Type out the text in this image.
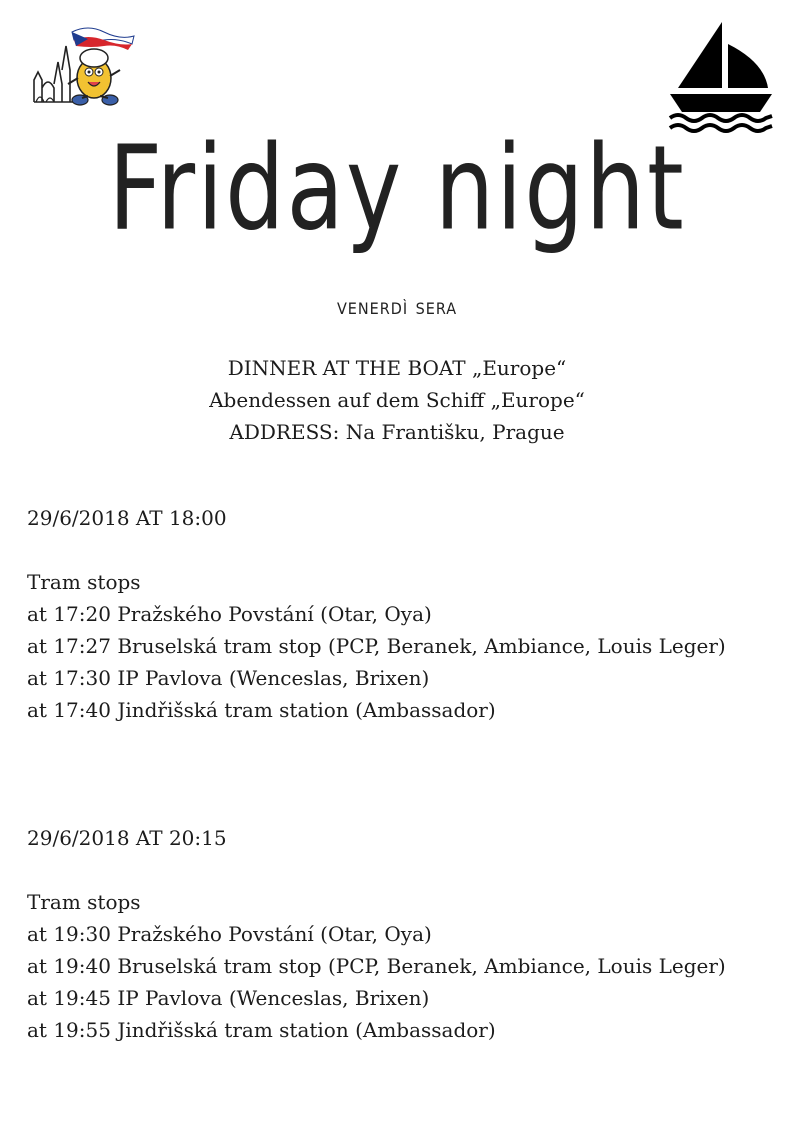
Friday night
venerdì sera
DINNER AT THE BOAT „Europe“
Abendessen auf dem Schiff „Europe“
ADDRESS: Na Františku, Prague
29/6/2018 AT 18:00
Tram stops
at 17:20 Pražského Povstání (Otar, Oya)
at 17:27 Bruselská tram stop (PCP, Beranek, Ambiance, Louis Leger)
at 17:30 IP Pavlova (Wenceslas, Brixen)
at 17:40 Jindřišská tram station (Ambassador)
29/6/2018 AT 20:15
Tram stops
at 19:30 Pražského Povstání (Otar, Oya)
at 19:40 Bruselská tram stop (PCP, Beranek, Ambiance, Louis Leger)
at 19:45 IP Pavlova (Wenceslas, Brixen)
at 19:55 Jindřišská tram station (Ambassador)
